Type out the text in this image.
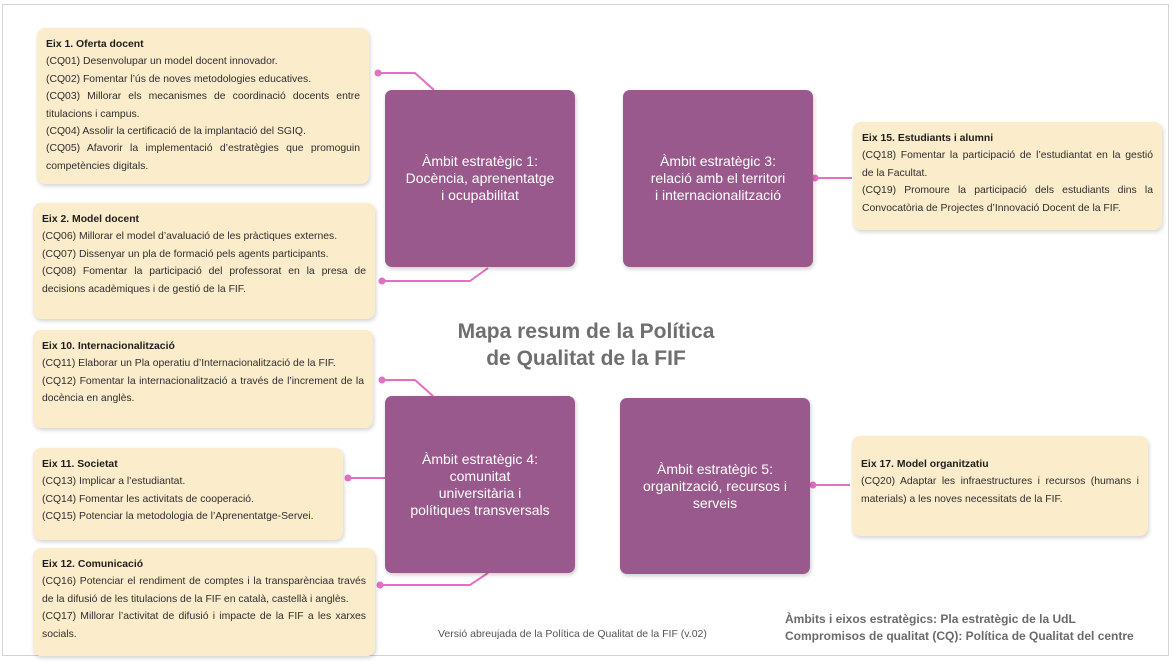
Eix 1. Oferta docent
(CQ01) Desenvolupar un model docent innovador.
(CQ02) Fomentar l’ús de noves metodologies educatives.
(CQ03) Millorar els mecanismes de coordinació docents entre titulacions i campus.
(CQ04) Assolir la certificació de la implantació del SGIQ.
(CQ05) Afavorir la implementació d’estratègies que promoguin competències digitals.
Eix 2. Model docent
(CQ06) Millorar el model d’avaluació de les pràctiques externes.
(CQ07) Dissenyar un pla de formació pels agents participants.
(CQ08) Fomentar la participació del professorat en la presa de decisions acadèmiques i de gestió de la FIF.
Eix 10. Internacionalització
(CQ11) Elaborar un Pla operatiu d’Internacionalització de la FIF.
(CQ12) Fomentar la internacionalització a través de l’increment de la docència en anglès.
Eix 11. Societat
(CQ13) Implicar a l’estudiantat.
(CQ14) Fomentar les activitats de cooperació.
(CQ15) Potenciar la metodologia de l’Aprenentatge-Servei.
Eix 12. Comunicació
(CQ16) Potenciar el rendiment de comptes i la transparènciaa través de la difusió de les titulacions de la FIF en català, castellà i anglès.
(CQ17) Millorar l’activitat de difusió i impacte de la FIF a les xarxes socials.
Eix 15. Estudiants i alumni
(CQ18) Fomentar la participació de l’estudiantat en la gestió de la Facultat.
(CQ19) Promoure la participació dels estudiants dins la Convocatòria de Projectes d’Innovació Docent de la FIF.
Eix 17. Model organitzatiu
(CQ20) Adaptar les infraestructures i recursos (humans i materials) a les noves necessitats de la FIF.
Àmbit estratègic 1:
Docència, aprenentatge
i ocupabilitat
Àmbit estratègic 3:
relació amb el territori
i internacionalització
Àmbit estratègic 4:
comunitat
universitària i
polítiques transversals
Àmbit estratègic 5:
organització, recursos i
serveis
Mapa resum de la Política
de Qualitat de la FIF
Versió abreujada de la Política de Qualitat de la FIF (v.02)
Àmbits i eixos estratègics: Pla estratègic de la UdL
Compromisos de qualitat (CQ): Política de Qualitat del centre
